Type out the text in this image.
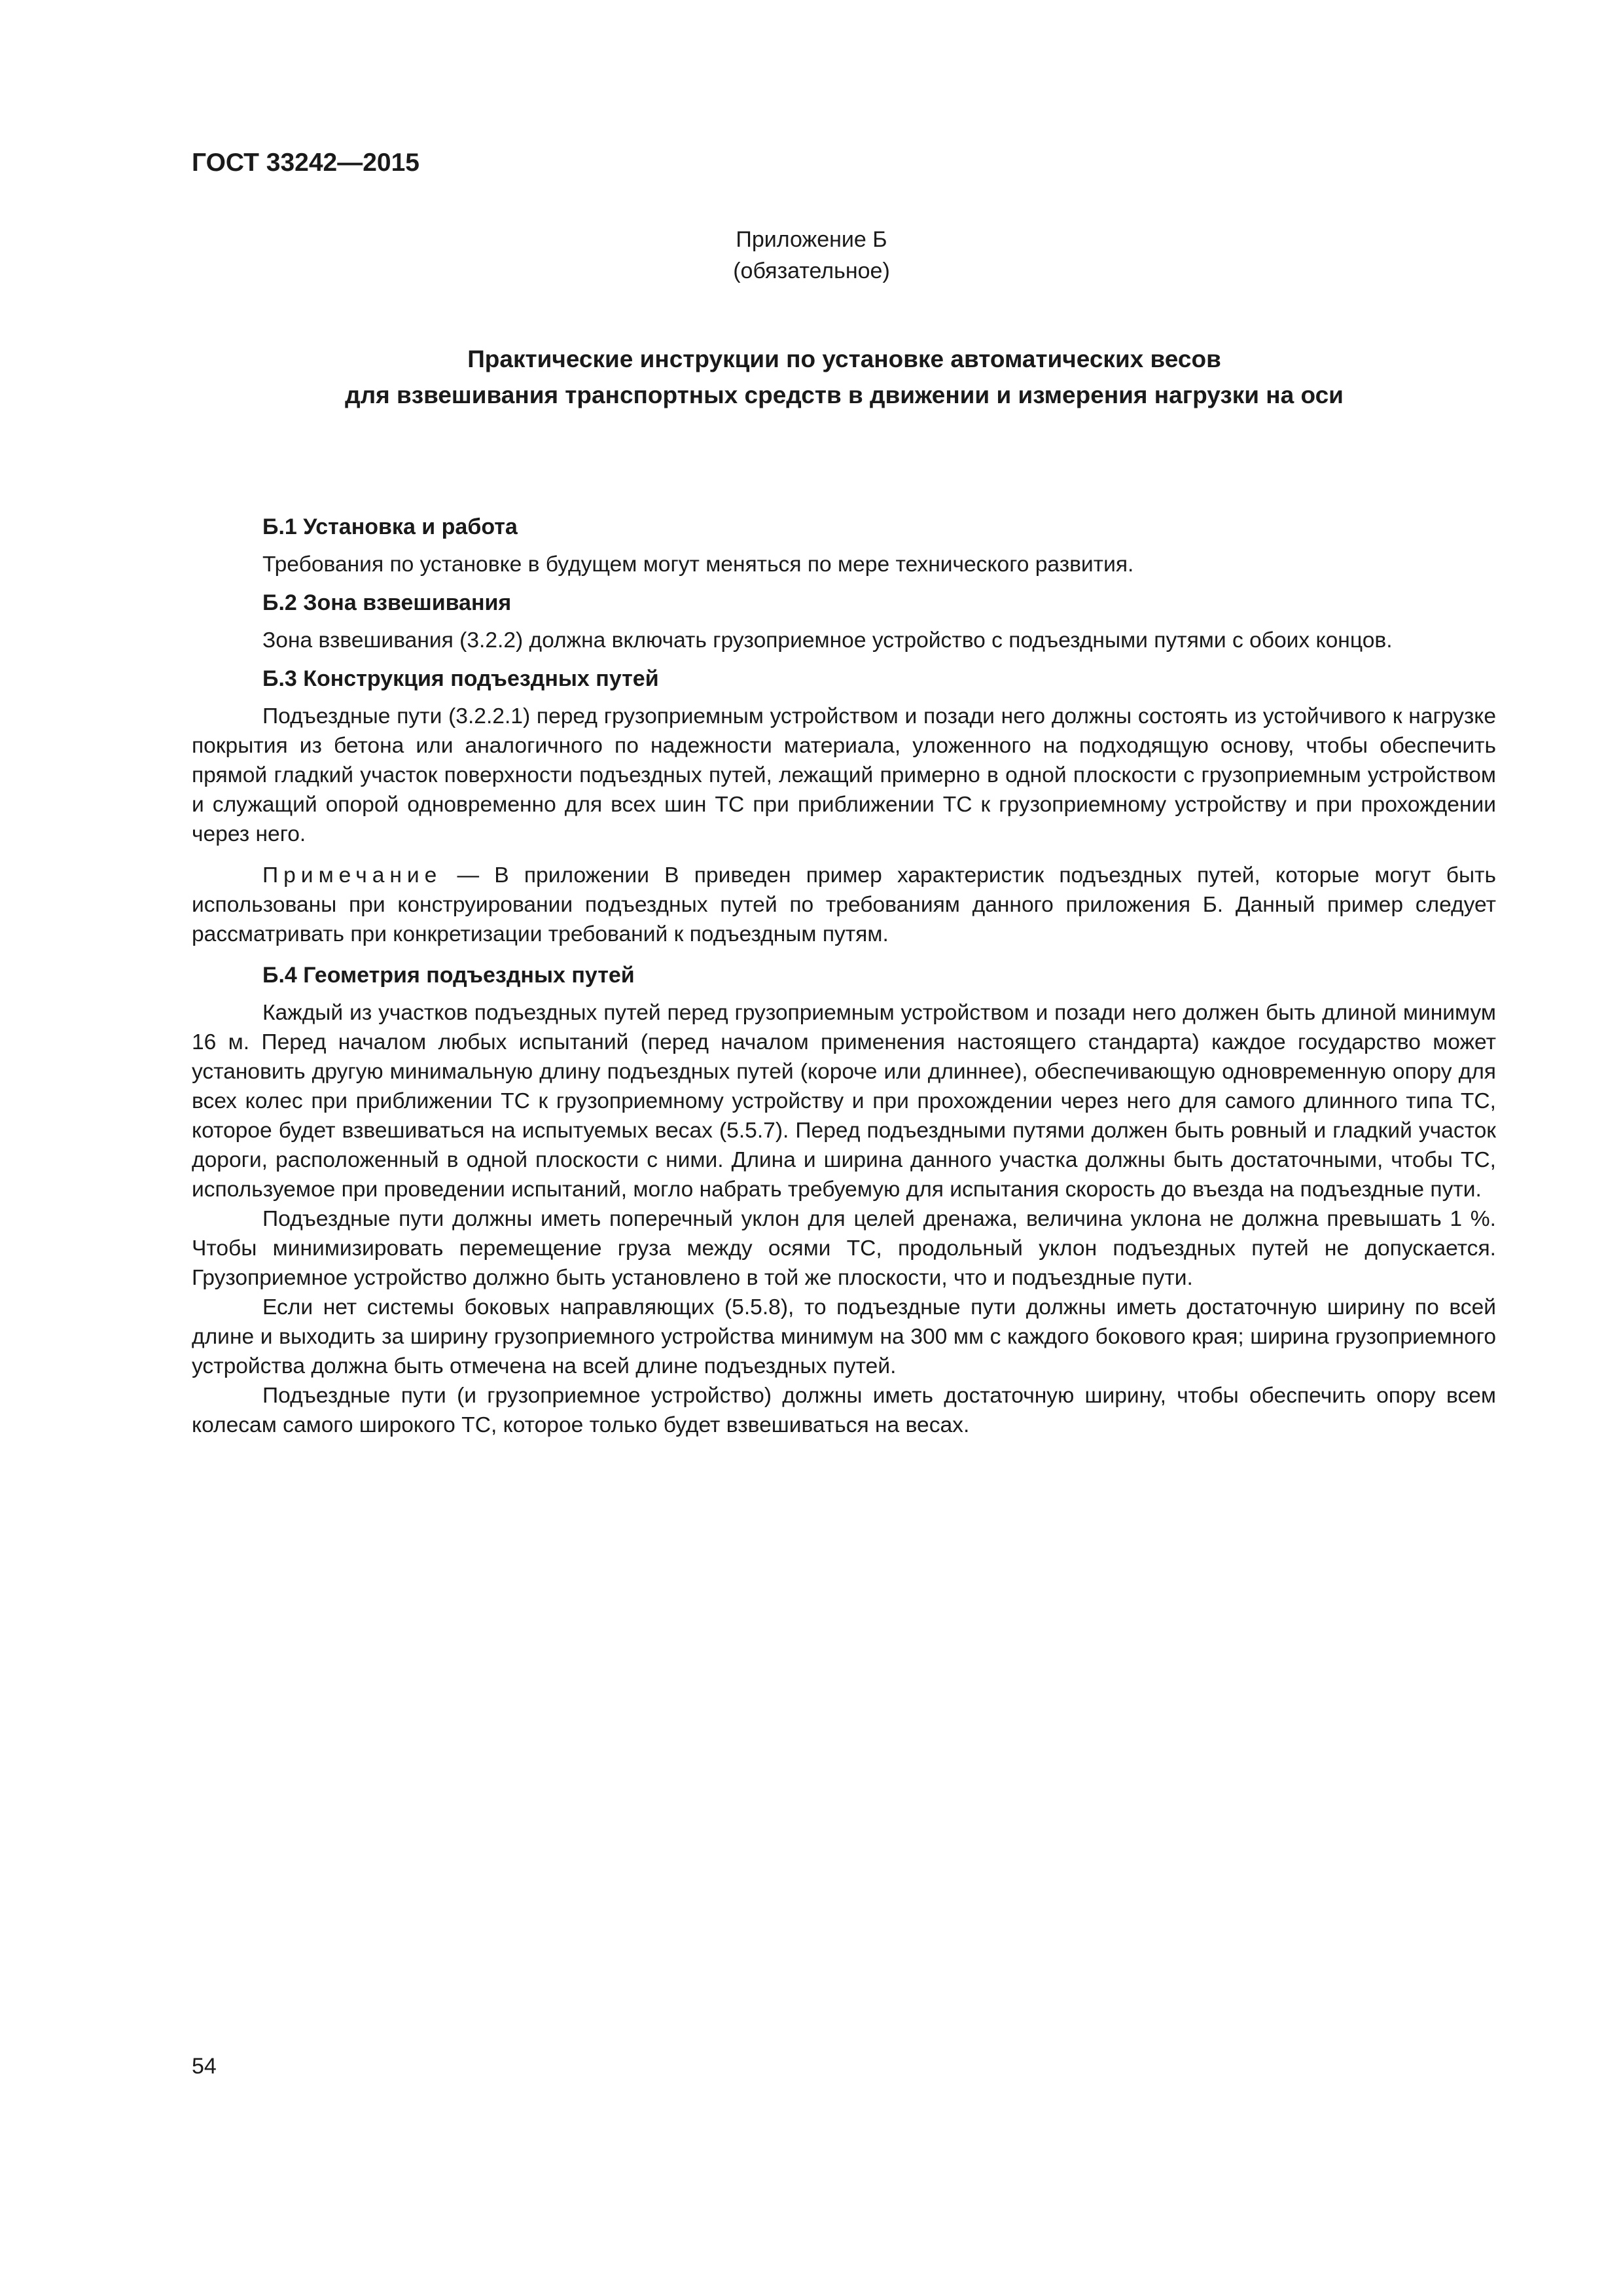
ГОСТ 33242—2015
Приложение Б
(обязательное)
Практические инструкции по установке автоматических весов
для взвешивания транспортных средств в движении и измерения нагрузки на оси
Б.1 Установка и работа

Требования по установке в будущем могут меняться по мере технического развития.

Б.2 Зона взвешивания

Зона взвешивания (3.2.2) должна включать грузоприемное устройство с подъездными путями с обоих концов.

Б.3 Конструкция подъездных путей

Подъездные пути (3.2.2.1) перед грузоприемным устройством и позади него должны состоять из устойчивого к нагрузке покрытия из бетона или аналогичного по надежности материала, уложенного на подходящую основу, чтобы обеспечить прямой гладкий участок поверхности подъездных путей, лежащий примерно в одной плоскости с грузоприемным устройством и служащий опорой одновременно для всех шин ТС при приближении ТС к грузоприемному устройству и при прохождении через него.

Примечание — В приложении В приведен пример характеристик подъездных путей, которые могут быть использованы при конструировании подъездных путей по требованиям данного приложения Б. Данный пример следует рассматривать при конкретизации требований к подъездным путям.

Б.4 Геометрия подъездных путей

Каждый из участков подъездных путей перед грузоприемным устройством и позади него должен быть длиной минимум 16 м. Перед началом любых испытаний (перед началом применения настоящего стандарта) каждое государство может установить другую минимальную длину подъездных путей (короче или длиннее), обеспечивающую одновременную опору для всех колес при приближении ТС к грузоприемному устройству и при прохождении через него для самого длинного типа ТС, которое будет взвешиваться на испытуемых весах (5.5.7). Перед подъездными путями должен быть ровный и гладкий участок дороги, расположенный в одной плоскости с ними. Длина и ширина данного участка должны быть достаточными, чтобы ТС, используемое при проведении испытаний, могло набрать требуемую для испытания скорость до въезда на подъездные пути.

Подъездные пути должны иметь поперечный уклон для целей дренажа, величина уклона не должна превышать 1 %. Чтобы минимизировать перемещение груза между осями ТС, продольный уклон подъездных путей не допускается. Грузоприемное устройство должно быть установлено в той же плоскости, что и подъездные пути.

Если нет системы боковых направляющих (5.5.8), то подъездные пути должны иметь достаточную ширину по всей длине и выходить за ширину грузоприемного устройства минимум на 300 мм с каждого бокового края; ширина грузоприемного устройства должна быть отмечена на всей длине подъездных путей.

Подъездные пути (и грузоприемное устройство) должны иметь достаточную ширину, чтобы обеспечить опору всем колесам самого широкого ТС, которое только будет взвешиваться на весах.

54
